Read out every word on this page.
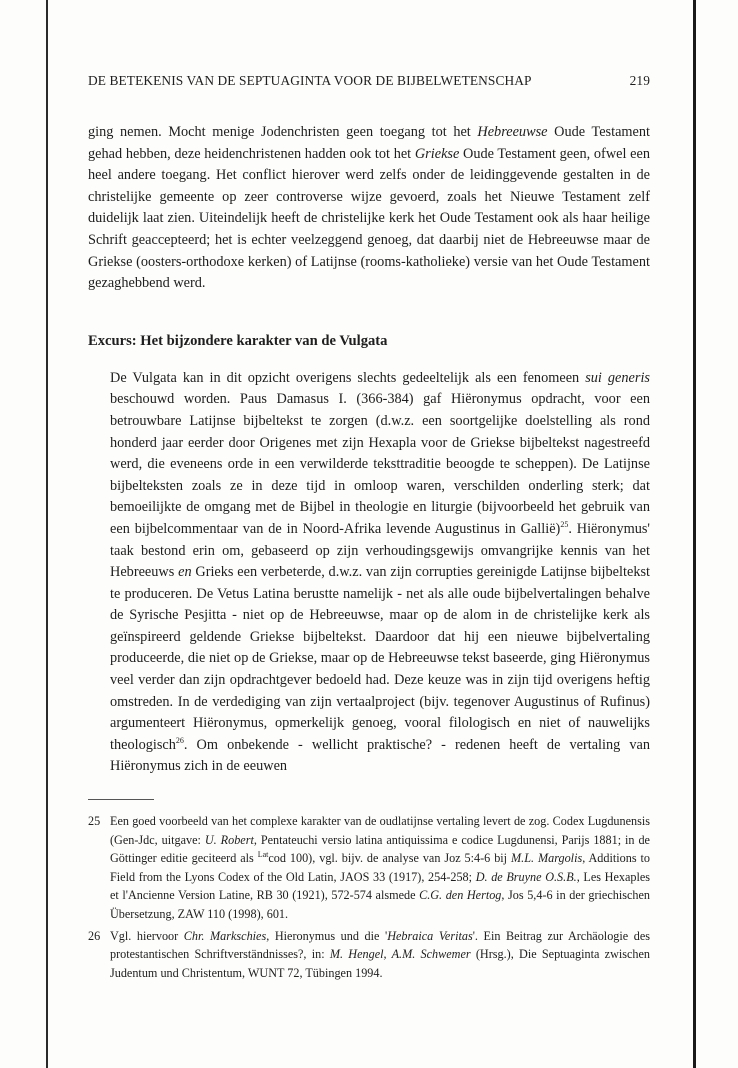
DE BETEKENIS VAN DE SEPTUAGINTA VOOR DE BIJBELWETENSCHAP	219

ging nemen. Mocht menige Jodenchristen geen toegang tot het Hebreeuwse Oude Testament gehad hebben, deze heidenchristenen hadden ook tot het Griekse Oude Testament geen, ofwel een heel andere toegang. Het conflict hierover werd zelfs onder de leidinggevende gestalten in de christelijke gemeente op zeer controverse wijze gevoerd, zoals het Nieuwe Testament zelf duidelijk laat zien. Uiteindelijk heeft de christelijke kerk het Oude Testament ook als haar heilige Schrift geaccepteerd; het is echter veelzeggend genoeg, dat daarbij niet de Hebreeuwse maar de Griekse (oosters-orthodoxe kerken) of Latijnse (rooms-katholieke) versie van het Oude Testament gezaghebbend werd.

Excurs: Het bijzondere karakter van de Vulgata

De Vulgata kan in dit opzicht overigens slechts gedeeltelijk als een fenomeen sui generis beschouwd worden. Paus Damasus I. (366-384) gaf Hiëronymus opdracht, voor een betrouwbare Latijnse bijbeltekst te zorgen (d.w.z. een soortgelijke doelstelling als rond honderd jaar eerder door Origenes met zijn Hexapla voor de Griekse bijbeltekst nagestreefd werd, die eveneens orde in een verwilderde teksttraditie beoogde te scheppen). De Latijnse bijbelteksten zoals ze in deze tijd in omloop waren, verschilden onderling sterk; dat bemoeilijkte de omgang met de Bijbel in theologie en liturgie (bijvoorbeeld het gebruik van een bijbelcommentaar van de in Noord-Afrika levende Augustinus in Gallië)$^{25}$. Hiëronymus' taak bestond erin om, gebaseerd op zijn verhoudingsgewijs omvangrijke kennis van het Hebreeuws en Grieks een verbeterde, d.w.z. van zijn corrupties gereinigde Latijnse bijbeltekst te produceren. De Vetus Latina berustte namelijk - net als alle oude bijbelvertalingen behalve de Syrische Pesjitta - niet op de Hebreeuwse, maar op de alom in de christelijke kerk als geïnspireerd geldende Griekse bijbeltekst. Daardoor dat hij een nieuwe bijbelvertaling produceerde, die niet op de Griekse, maar op de Hebreeuwse tekst baseerde, ging Hiëronymus veel verder dan zijn opdrachtgever bedoeld had. Deze keuze was in zijn tijd overigens heftig omstreden. In de verdediging van zijn vertaalproject (bijv. tegenover Augustinus of Rufinus) argumenteert Hiëronymus, opmerkelijk genoeg, vooral filologisch en niet of nauwelijks theologisch$^{26}$. Om onbekende - wellicht praktische? - redenen heeft de vertaling van Hiëronymus zich in de eeuwen

25 Een goed voorbeeld van het complexe karakter van de oudlatijnse vertaling levert de zog. Codex Lugdunensis (Gen-Jdc, uitgave: U. Robert, Pentateuchi versio latina antiquissima e codice Lugdunensi, Parijs 1881; in de Göttinger editie geciteerd als $^{Lat}$cod 100), vgl. bijv. de analyse van Joz 5:4-6 bij M.L. Margolis, Additions to Field from the Lyons Codex of the Old Latin, JAOS 33 (1917), 254-258; D. de Bruyne O.S.B., Les Hexaples et l'Ancienne Version Latine, RB 30 (1921), 572-574 alsmede C.G. den Hertog, Jos 5,4-6 in der griechischen Übersetzung, ZAW 110 (1998), 601.
26 Vgl. hiervoor Chr. Markschies, Hieronymus und die 'Hebraica Veritas'. Ein Beitrag zur Archäologie des protestantischen Schriftverständnisses?, in: M. Hengel, A.M. Schwemer (Hrsg.), Die Septuaginta zwischen Judentum und Christentum, WUNT 72, Tübingen 1994.
